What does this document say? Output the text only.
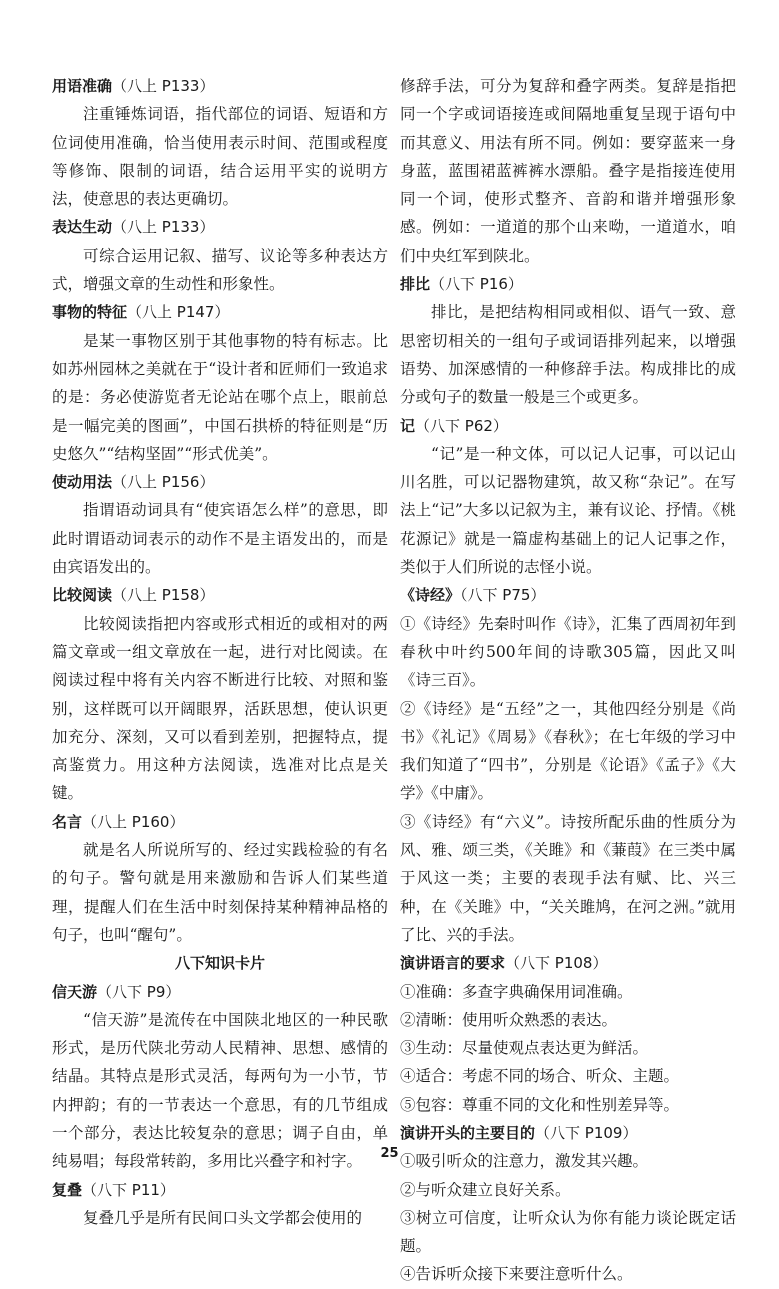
用语准确（八上 P133）

注重锤炼词语，指代部位的词语、短语和方位词使用准确，恰当使用表示时间、范围或程度等修饰、限制的词语，结合运用平实的说明方法，使意思的表达更确切。

表达生动（八上 P133）

可综合运用记叙、描写、议论等多种表达方式，增强文章的生动性和形象性。

事物的特征（八上 P147）

是某一事物区别于其他事物的特有标志。比如苏州园林之美就在于“设计者和匠师们一致追求的是：务必使游览者无论站在哪个点上，眼前总是一幅完美的图画”，中国石拱桥的特征则是“历史悠久”“结构坚固”“形式优美”。

使动用法（八上 P156）

指谓语动词具有“使宾语怎么样”的意思，即此时谓语动词表示的动作不是主语发出的，而是由宾语发出的。

比较阅读（八上 P158）

比较阅读指把内容或形式相近的或相对的两篇文章或一组文章放在一起，进行对比阅读。在阅读过程中将有关内容不断进行比较、对照和鉴别，这样既可以开阔眼界，活跃思想，使认识更加充分、深刻，又可以看到差别，把握特点，提高鉴赏力。用这种方法阅读，选准对比点是关键。

名言（八上 P160）

就是名人所说所写的、经过实践检验的有名的句子。警句就是用来激励和告诉人们某些道理，提醒人们在生活中时刻保持某种精神品格的句子，也叫“醒句”。

八下知识卡片

信天游（八下 P9）

“信天游”是流传在中国陕北地区的一种民歌形式，是历代陕北劳动人民精神、思想、感情的结晶。其特点是形式灵活，每两句为一小节，节内押韵；有的一节表达一个意思，有的几节组成一个部分，表达比较复杂的意思；调子自由，单纯易唱；每段常转韵，多用比兴叠字和衬字。

复叠（八下 P11）

复叠几乎是所有民间口头文学都会使用的

修辞手法，可分为复辞和叠字两类。复辞是指把同一个字或词语接连或间隔地重复呈现于语句中而其意义、用法有所不同。例如：要穿蓝来一身身蓝，蓝围裙蓝裤裤水漂船。叠字是指接连使用同一个词，使形式整齐、音韵和谐并增强形象感。例如：一道道的那个山来呦，一道道水，咱们中央红军到陕北。

排比（八下 P16）

排比，是把结构相同或相似、语气一致、意思密切相关的一组句子或词语排列起来，以增强语势、加深感情的一种修辞手法。构成排比的成分或句子的数量一般是三个或更多。

记（八下 P62）

“记”是一种文体，可以记人记事，可以记山川名胜，可以记器物建筑，故又称“杂记”。在写法上“记”大多以记叙为主，兼有议论、抒情。《桃花源记》就是一篇虚构基础上的记人记事之作，类似于人们所说的志怪小说。

《诗经》（八下 P75）

①《诗经》先秦时叫作《诗》，汇集了西周初年到春秋中叶约500年间的诗歌305篇，因此又叫《诗三百》。

②《诗经》是“五经”之一，其他四经分别是《尚书》《礼记》《周易》《春秋》；在七年级的学习中我们知道了“四书”，分别是《论语》《孟子》《大学》《中庸》。

③《诗经》有“六义”。诗按所配乐曲的性质分为风、雅、颂三类，《关雎》和《蒹葭》在三类中属于风这一类；主要的表现手法有赋、比、兴三种，在《关雎》中，“关关雎鸠，在河之洲。”就用了比、兴的手法。

演讲语言的要求（八下 P108）

①准确：多查字典确保用词准确。

②清晰：使用听众熟悉的表达。

③生动：尽量使观点表达更为鲜活。

④适合：考虑不同的场合、听众、主题。

⑤包容：尊重不同的文化和性别差异等。

演讲开头的主要目的（八下 P109）

①吸引听众的注意力，激发其兴趣。

②与听众建立良好关系。

③树立可信度，让听众认为你有能力谈论既定话题。

④告诉听众接下来要注意听什么。

25
